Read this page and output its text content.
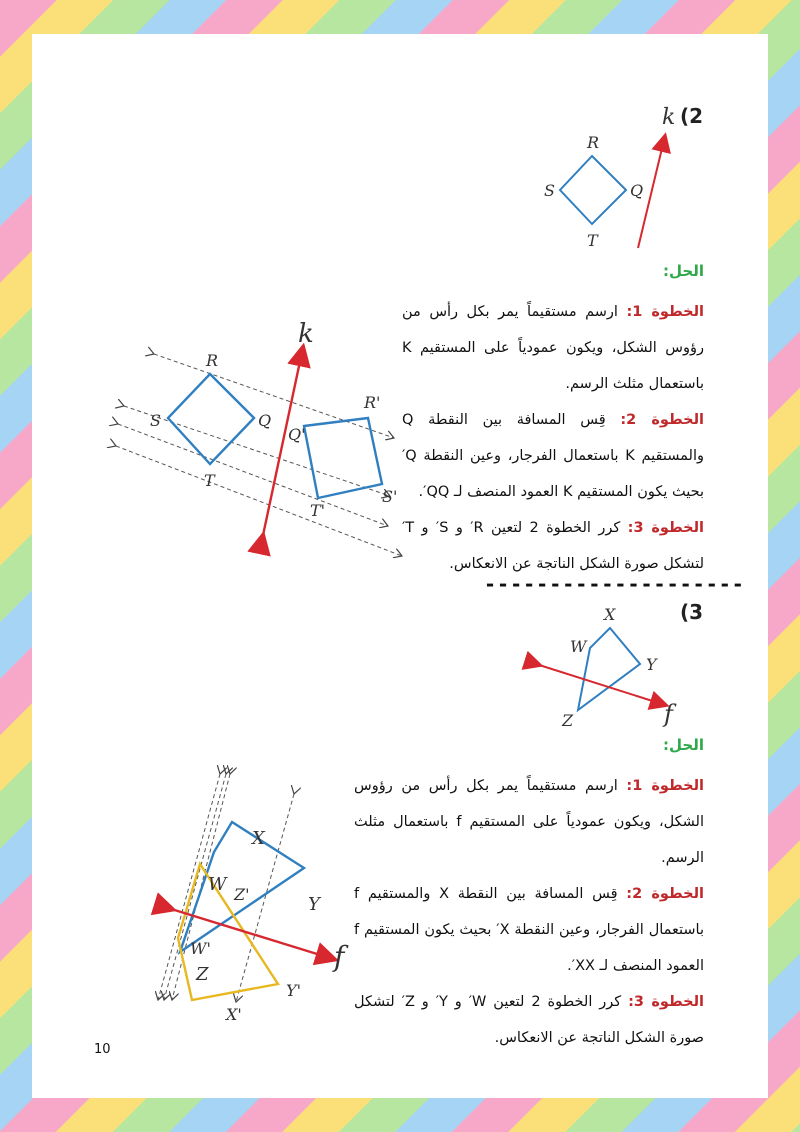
(2
k
R
S	Q
T
الحل:
k
R
S	Q
T
R'
Q'
S'
T'
الخطوة 1: ارسم مستقيماً يمر بكل رأس من رؤوس الشكل، ويكون عمودياً على المستقيم K باستعمال مثلث الرسم.
الخطوة 2: قِس المسافة بين النقطة Q والمستقيم K باستعمال الفرجار، وعين النقطة Q′ بحيث يكون المستقيم K العمود المنصف لـ QQ′.
الخطوة 3: كرر الخطوة 2 لتعين R′ و S′ و T′ لتشكل صورة الشكل الناتجة عن الانعكاس.
--------------------
(3
X
W
Y
Z	f
الحل:
X
W
Y
Z
Z'
W'
Y'
X'
f
الخطوة 1: ارسم مستقيماً يمر بكل رأس من رؤوس الشكل، ويكون عمودياً على المستقيم f باستعمال مثلث الرسم.
الخطوة 2: قِس المسافة بين النقطة X والمستقيم f باستعمال الفرجار، وعين النقطة X′ بحيث يكون المستقيم f العمود المنصف لـ XX′.
الخطوة 3: كرر الخطوة 2 لتعين W′ و Y′ و Z′ لتشكل صورة الشكل الناتجة عن الانعكاس.
10
